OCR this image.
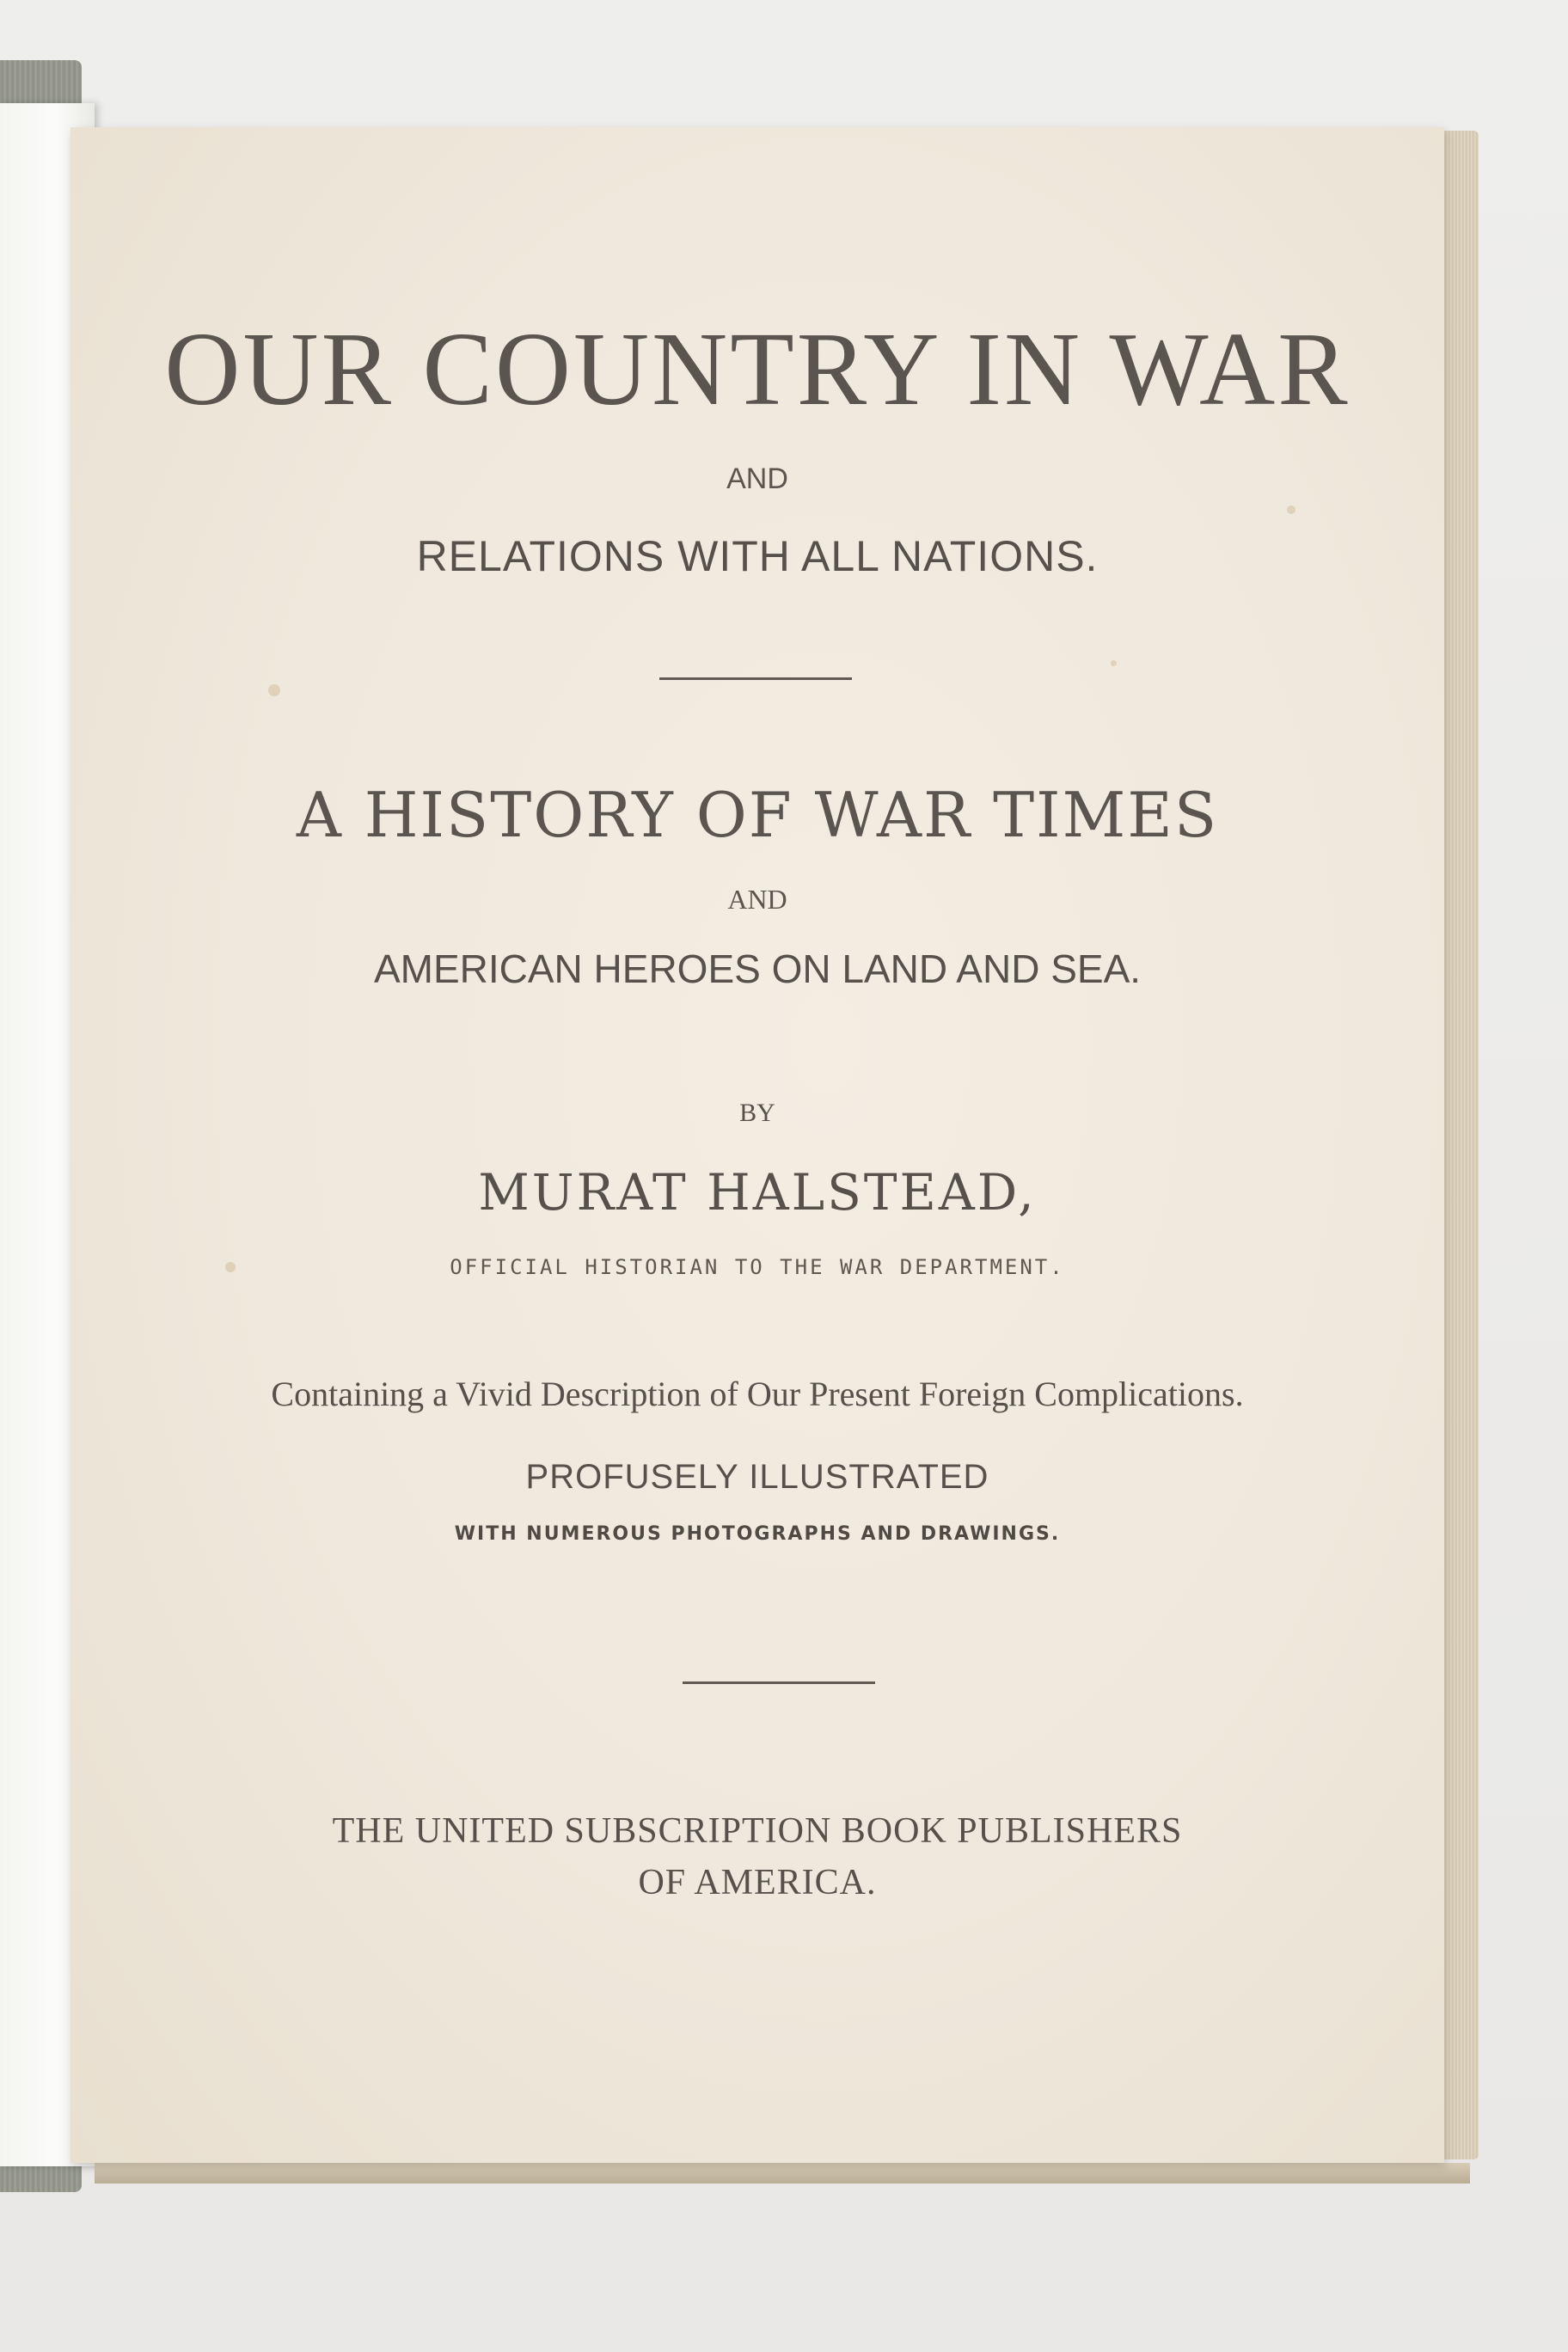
OUR COUNTRY IN WAR
AND
RELATIONS WITH ALL NATIONS.
A HISTORY OF WAR TIMES
AND
AMERICAN HEROES ON LAND AND SEA.
BY
MURAT HALSTEAD,
OFFICIAL HISTORIAN TO THE WAR DEPARTMENT.
Containing a Vivid Description of Our Present Foreign Complications.
PROFUSELY ILLUSTRATED
WITH NUMEROUS PHOTOGRAPHS AND DRAWINGS.
THE UNITED SUBSCRIPTION BOOK PUBLISHERS
OF AMERICA.
